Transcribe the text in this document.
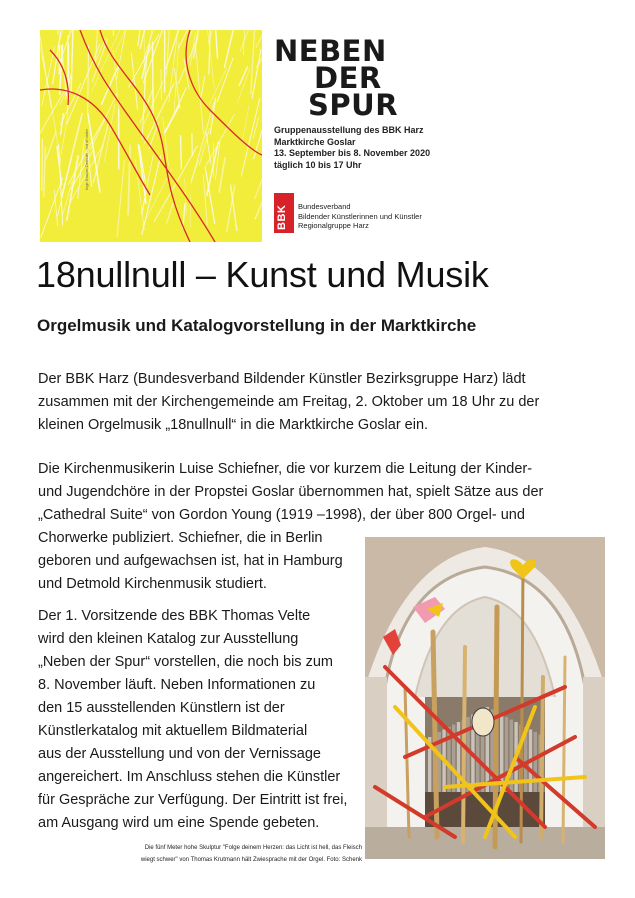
Inge Krause-Demuth - out of order
NEBEN
DER
SPUR
Gruppenausstellung des BBK Harz
Marktkirche Goslar
13. September bis 8. November 2020
täglich 10 bis 17 Uhr
BBK Bundesverband
Bildender Künstlerinnen und Künstler
Regionalgruppe Harz
18nullnull – Kunst und Musik
Orgelmusik und Katalogvorstellung in der Marktkirche
Der BBK Harz (Bundesverband Bildender Künstler Bezirksgruppe Harz) lädt
zusammen mit der Kirchengemeinde am Freitag, 2. Oktober um 18 Uhr zu der
kleinen Orgelmusik „18nullnull“ in die Marktkirche Goslar ein.
Die Kirchenmusikerin Luise Schiefner, die vor kurzem die Leitung der Kinder-
und Jugendchöre in der Propstei Goslar übernommen hat, spielt Sätze aus der
„Cathedral Suite“ von Gordon Young (1919 –1998), der über 800 Orgel- und
Chorwerke publiziert. Schiefner, die in Berlin
geboren und aufgewachsen ist, hat in Hamburg
und Detmold Kirchenmusik studiert.
Der 1. Vorsitzende des BBK Thomas Velte
wird den kleinen Katalog zur Ausstellung
„Neben der Spur“ vorstellen, die noch bis zum
8. November läuft. Neben Informationen zu
den 15 ausstellenden Künstlern ist der
Künstlerkatalog mit aktuellem Bildmaterial
aus der Ausstellung und von der Vernissage
angereichert. Im Anschluss stehen die Künstler
für Gespräche zur Verfügung. Der Eintritt ist frei,
am Ausgang wird um eine Spende gebeten.
Die fünf Meter hohe Skulptur "Folge deinem Herzen: das Licht ist hell, das Fleisch
wiegt schwer" von Thomas Krutmann hält Zwiesprache mit der Orgel. Foto: Schenk
